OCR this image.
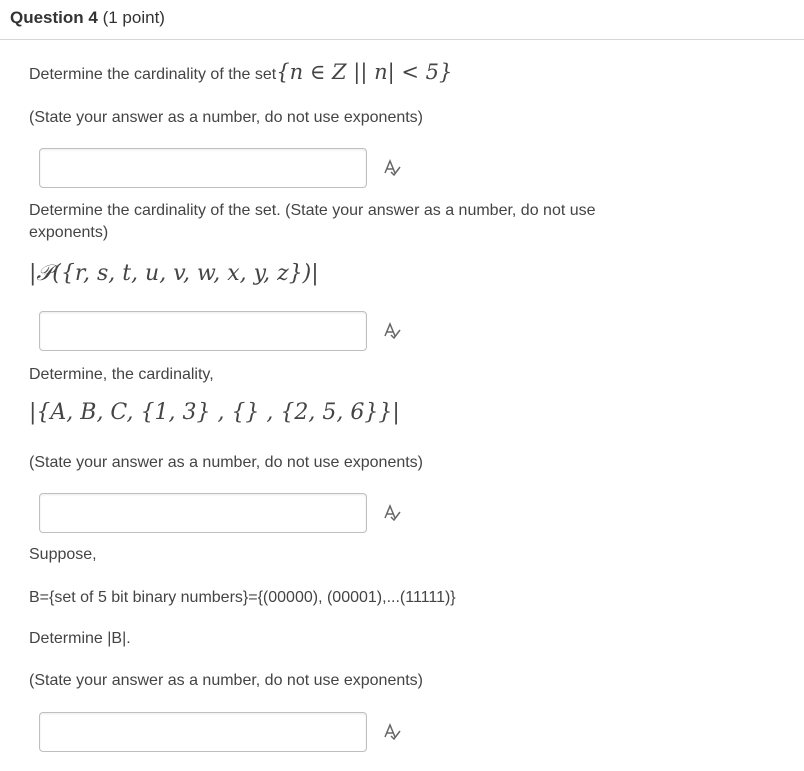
Question 4 (1 point)
Determine the cardinality of the set{n ∈ Z || n| < 5}
(State your answer as a number, do not use exponents)
Determine the cardinality of the set. (State your answer as a number, do not use
exponents)
|𝒫({r, s, t, u, v, w, x, y, z})|
Determine, the cardinality,
|{A, B, C, {1, 3} , {} , {2, 5, 6}}|
(State your answer as a number, do not use exponents)
Suppose,
B={set of 5 bit binary numbers}={(00000), (00001),...(11111)}
Determine |B|.
(State your answer as a number, do not use exponents)
